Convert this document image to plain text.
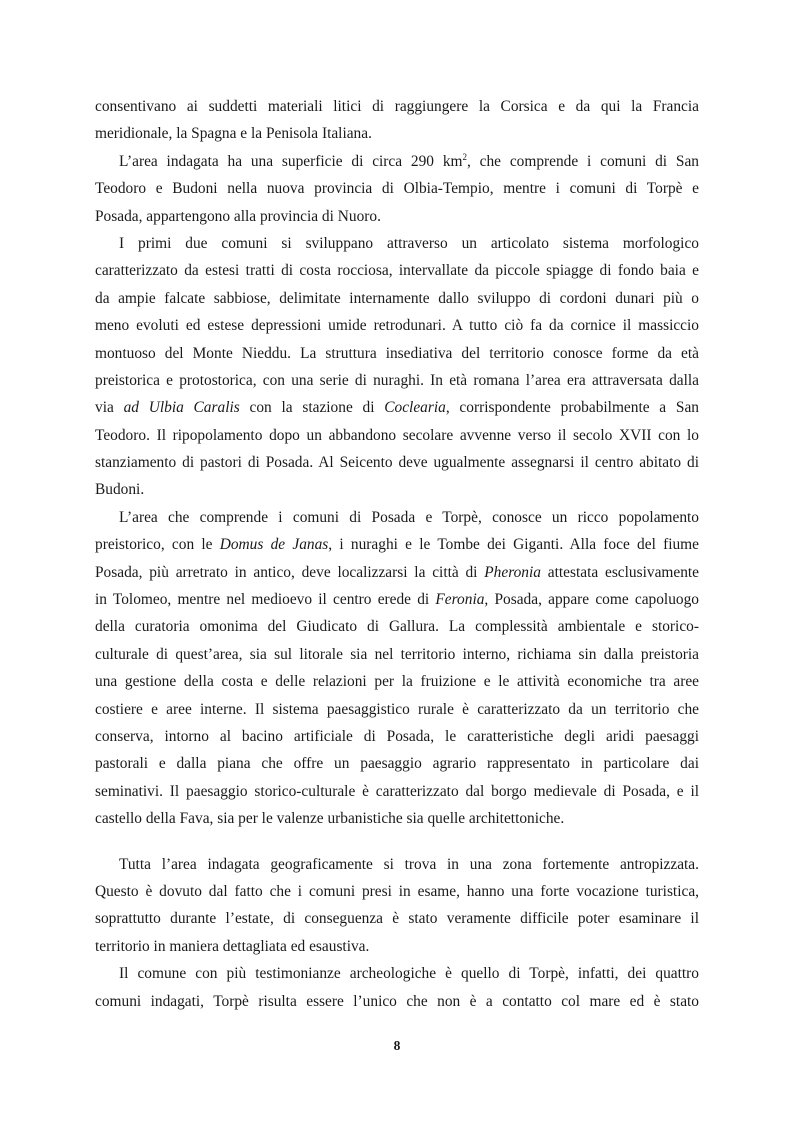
consentivano ai suddetti materiali litici di raggiungere la Corsica e da qui la Francia
meridionale, la Spagna e la Penisola Italiana.
L’area indagata ha una superficie di circa 290 $km^2$, che comprende i comuni di San
Teodoro e Budoni nella nuova provincia di Olbia-Tempio, mentre i comuni di Torpè e
Posada, appartengono alla provincia di Nuoro.
I primi due comuni si sviluppano attraverso un articolato sistema morfologico
caratterizzato da estesi tratti di costa rocciosa, intervallate da piccole spiagge di fondo baia e
da ampie falcate sabbiose, delimitate internamente dallo sviluppo di cordoni dunari più o
meno evoluti ed estese depressioni umide retrodunari. A tutto ciò fa da cornice il massiccio
montuoso del Monte Nieddu. La struttura insediativa del territorio conosce forme da età
preistorica e protostorica, con una serie di nuraghi. In età romana l’area era attraversata dalla
via ad Ulbia Caralis con la stazione di Coclearia, corrispondente probabilmente a San
Teodoro. Il ripopolamento dopo un abbandono secolare avvenne verso il secolo XVII con lo
stanziamento di pastori di Posada. Al Seicento deve ugualmente assegnarsi il centro abitato di
Budoni.
L’area che comprende i comuni di Posada e Torpè, conosce un ricco popolamento
preistorico, con le Domus de Janas, i nuraghi e le Tombe dei Giganti. Alla foce del fiume
Posada, più arretrato in antico, deve localizzarsi la città di Pheronia attestata esclusivamente
in Tolomeo, mentre nel medioevo il centro erede di Feronia, Posada, appare come capoluogo
della curatoria omonima del Giudicato di Gallura. La complessità ambientale e storico-
culturale di quest’area, sia sul litorale sia nel territorio interno, richiama sin dalla preistoria
una gestione della costa e delle relazioni per la fruizione e le attività economiche tra aree
costiere e aree interne. Il sistema paesaggistico rurale è caratterizzato da un territorio che
conserva, intorno al bacino artificiale di Posada, le caratteristiche degli aridi paesaggi
pastorali e dalla piana che offre un paesaggio agrario rappresentato in particolare dai
seminativi. Il paesaggio storico-culturale è caratterizzato dal borgo medievale di Posada, e il
castello della Fava, sia per le valenze urbanistiche sia quelle architettoniche.
Tutta l’area indagata geograficamente si trova in una zona fortemente antropizzata.
Questo è dovuto dal fatto che i comuni presi in esame, hanno una forte vocazione turistica,
soprattutto durante l’estate, di conseguenza è stato veramente difficile poter esaminare il
territorio in maniera dettagliata ed esaustiva.
Il comune con più testimonianze archeologiche è quello di Torpè, infatti, dei quattro
comuni indagati, Torpè risulta essere l’unico che non è a contatto col mare ed è stato
8
